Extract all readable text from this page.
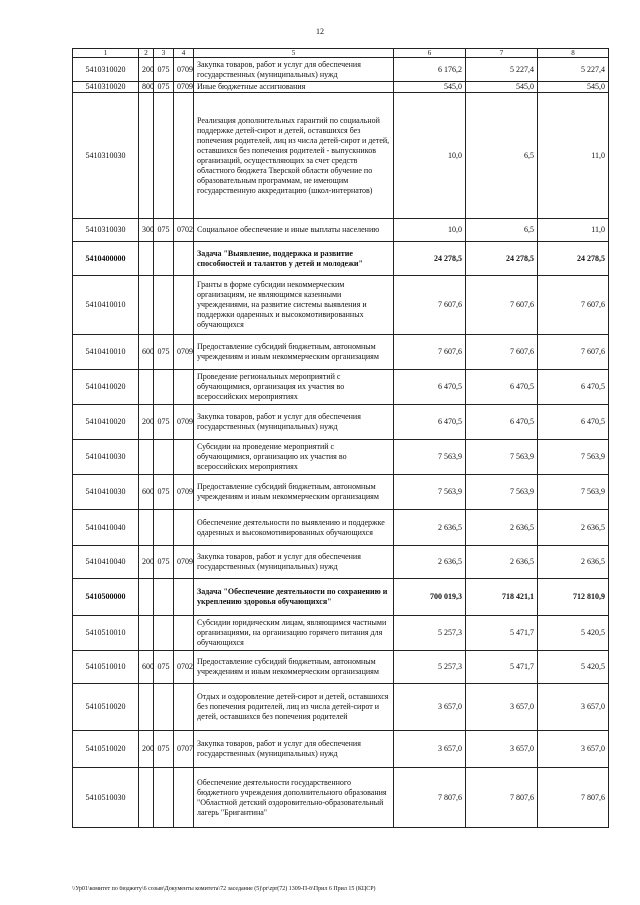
12
1	2	3	4	5	6	7	8
5410310020	200	075	0709	Закупка товаров, работ и услуг для обеспечения государственных (муниципальных) нужд	6 176,2	5 227,4	5 227,4
5410310020	800	075	0709	Иные бюджетные ассигнования	545,0	545,0	545,0
5410310030				Реализация дополнительных гарантий по социальной поддержке детей-сирот и детей, оставшихся без попечения родителей, лиц из числа детей-сирот и детей, оставшихся без попечения родителей - выпускников организаций, осуществляющих за счет средств областного бюджета Тверской области обучение по образовательным программам, не имеющим государственную аккредитацию (школ-интернатов)	10,0	6,5	11,0
5410310030	300	075	0702	Социальное обеспечение и иные выплаты населению	10,0	6,5	11,0
5410400000				Задача "Выявление, поддержка и развитие способностей и талантов у детей и молодежи"	24 278,5	24 278,5	24 278,5
5410410010				Гранты в форме субсидии некоммерческим организациям, не являющимся казенными учреждениями, на развитие системы выявления и поддержки одаренных и высокомотивированных обучающихся	7 607,6	7 607,6	7 607,6
5410410010	600	075	0709	Предоставление субсидий бюджетным, автономным учреждениям и иным некоммерческим организациям	7 607,6	7 607,6	7 607,6
5410410020				Проведение региональных мероприятий с обучающимися, организация их участия во всероссийских мероприятиях	6 470,5	6 470,5	6 470,5
5410410020	200	075	0709	Закупка товаров, работ и услуг для обеспечения государственных (муниципальных) нужд	6 470,5	6 470,5	6 470,5
5410410030				Субсидии на проведение мероприятий с обучающимися, организацию их участия во всероссийских мероприятиях	7 563,9	7 563,9	7 563,9
5410410030	600	075	0709	Предоставление субсидий бюджетным, автономным учреждениям и иным некоммерческим организациям	7 563,9	7 563,9	7 563,9
5410410040				Обеспечение деятельности по выявлению и поддержке одаренных и высокомотивированных обучающихся	2 636,5	2 636,5	2 636,5
5410410040	200	075	0709	Закупка товаров, работ и услуг для обеспечения государственных (муниципальных) нужд	2 636,5	2 636,5	2 636,5
5410500000				Задача "Обеспечение деятельности по сохранению и укреплению здоровья обучающихся"	700 019,3	718 421,1	712 810,9
5410510010				Субсидии юридическим лицам, являющимся частными организациями, на организацию горячего питания для обучающихся	5 257,3	5 471,7	5 420,5
5410510010	600	075	0702	Предоставление субсидий бюджетным, автономным учреждениям и иным некоммерческим организациям	5 257,3	5 471,7	5 420,5
5410510020				Отдых и оздоровление детей-сирот и детей, оставшихся без попечения родителей, лиц из числа детей-сирот и детей, оставшихся без попечения родителей	3 657,0	3 657,0	3 657,0
5410510020	200	075	0707	Закупка товаров, работ и услуг для обеспечения государственных (муниципальных) нужд	3 657,0	3 657,0	3 657,0
5410510030				Обеспечение деятельности государственного бюджетного учреждения дополнительного образования "Областной детский оздоровительно-образовательный лагерь "Бригантина"	7 807,6	7 807,6	7 807,6
\\Ур01\комитет по бюджету\6 созыв\Документы комитета\72 заседание (5)\pr\zpr(72) 1309-П-б\Прил 6 Прил 15 (КЦСР)
